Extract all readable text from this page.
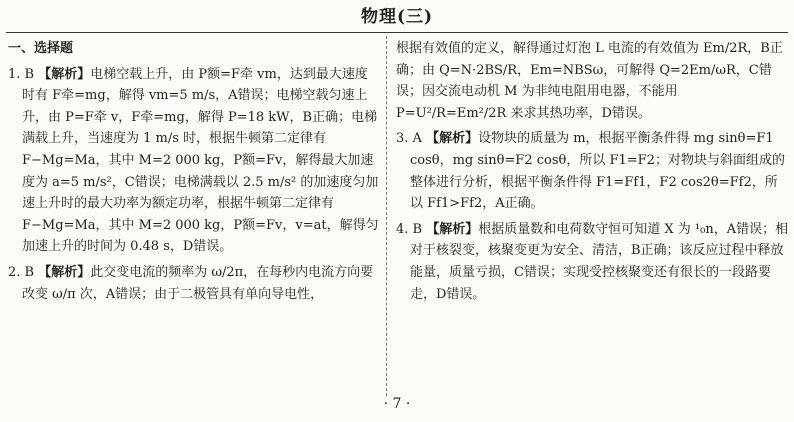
物理(三)
一、选择题
1. B 【解析】电梯空载上升，由 P额=F牵 vm，达到最大速度时有 F牵=mg，解得 vm=5 m/s，A错误；电梯空载匀速上升，由 P=F牵 v，F牵=mg，解得 P=18 kW，B正确；电梯满载上升，当速度为 1 m/s 时，根据牛顿第二定律有 F−Mg=Ma，其中 M=2 000 kg，P额=Fv，解得最大加速度为 a=5 m/s²，C错误；电梯满载以 2.5 m/s² 的加速度匀加速上升时的最大功率为额定功率，根据牛顿第二定律有 F−Mg=Ma，其中 M=2 000 kg，P额=Fv，v=at，解得匀加速上升的时间为 0.48 s，D错误。
2. B 【解析】此交变电流的频率为 ω/2π，在每秒内电流方向要改变 ω/π 次，A错误；由于二极管具有单向导电性，
根据有效值的定义，解得通过灯泡 L 电流的有效值为 Em/2R，B正确；由 Q=N·2BS/R，Em=NBSω，可解得 Q=2Em/ωR，C错误；因交流电动机 M 为非纯电阻用电器，不能用 P=U²/R=Em²/2R 来求其热功率，D错误。
3. A 【解析】设物块的质量为 m，根据平衡条件得 mg sinθ=F1 cosθ，mg sinθ=F2 cosθ，所以 F1=F2；对物块与斜面组成的整体进行分析，根据平衡条件得 F1=Ff1，F2 cos2θ=Ff2，所以 Ff1>Ff2，A正确。
4. B 【解析】根据质量数和电荷数守恒可知道 X 为 ¹₀n，A错误；相对于核裂变，核聚变更为安全、清洁，B正确；该反应过程中释放能量，质量亏损，C错误；实现受控核聚变还有很长的一段路要走，D错误。
· 7 ·
